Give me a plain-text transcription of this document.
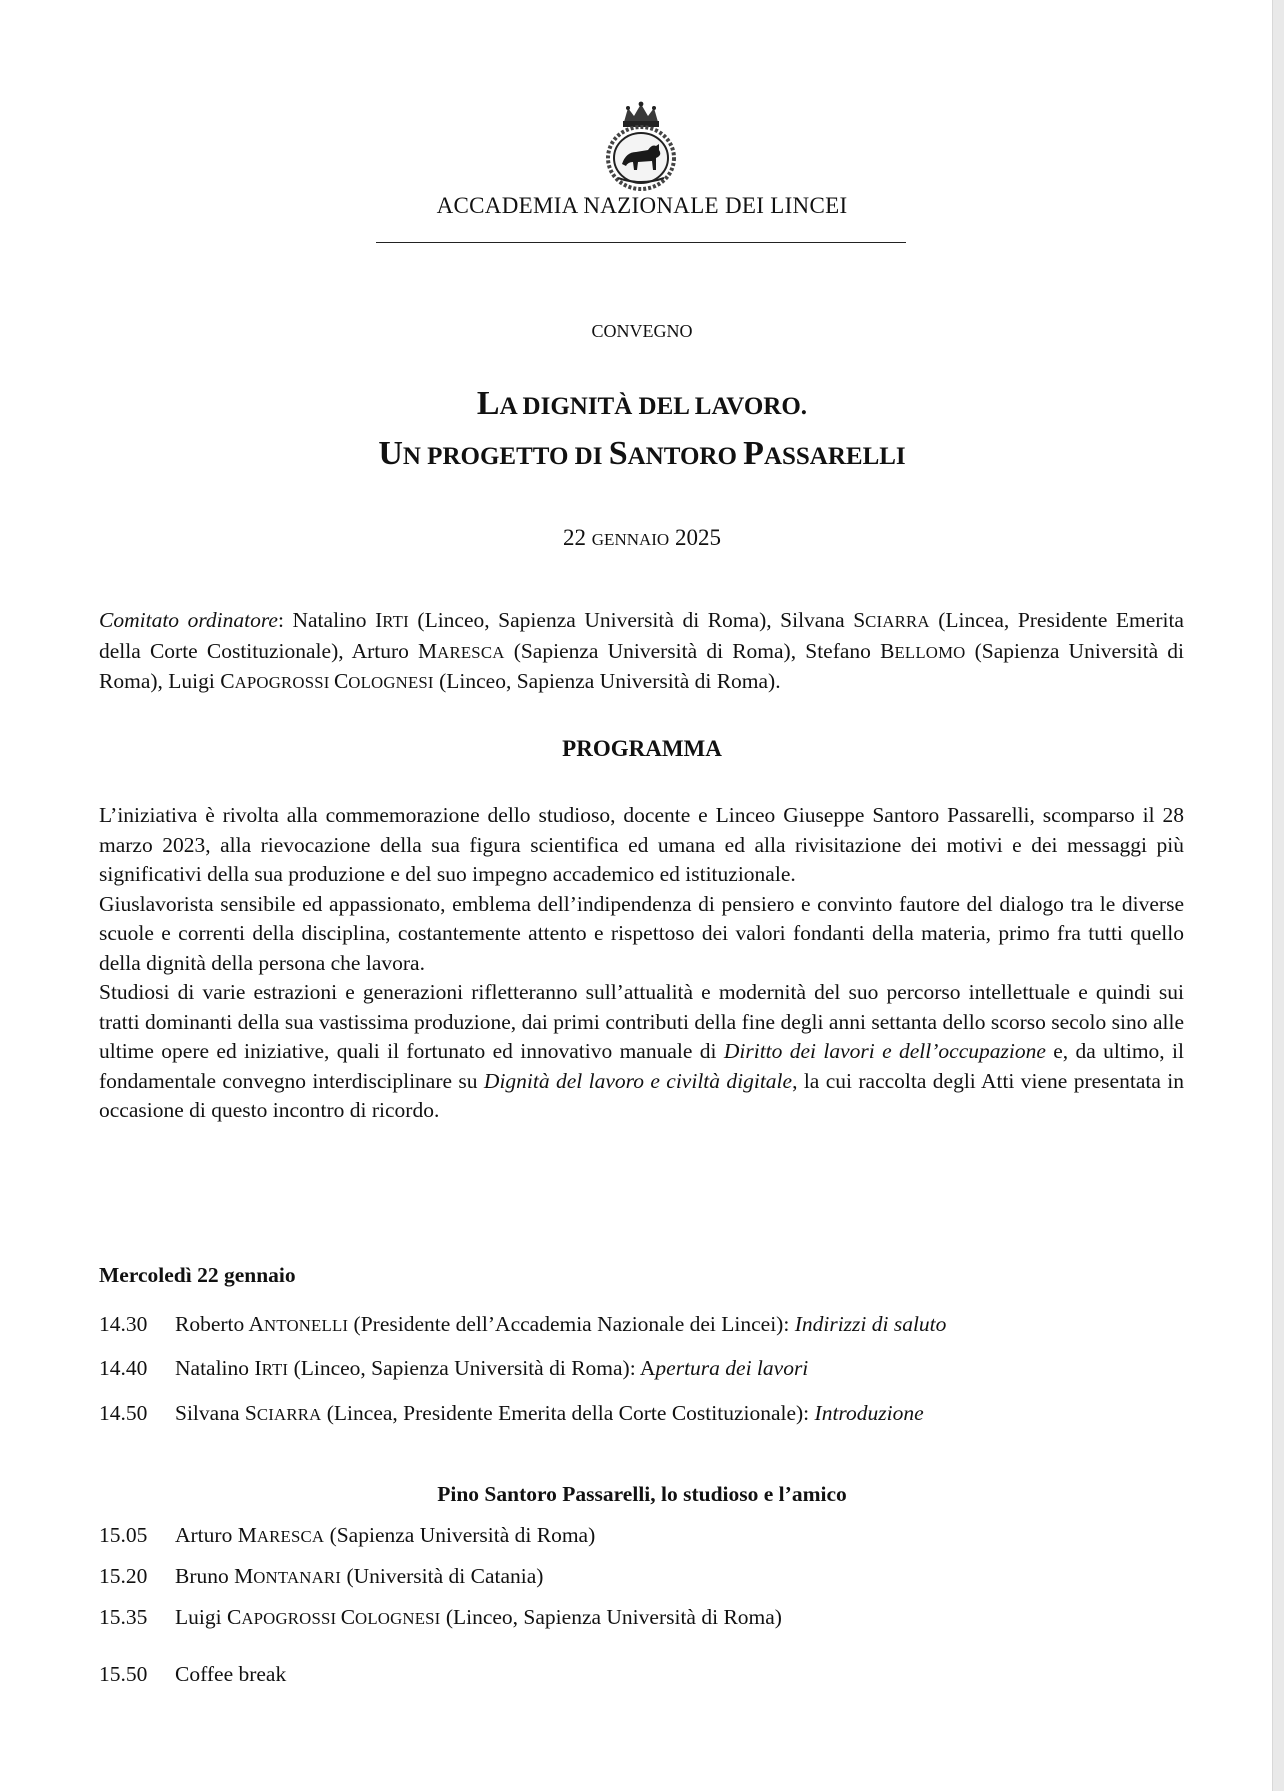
ACCADEMIA NAZIONALE DEI LINCEI
CONVEGNO
LA DIGNITÀ DEL LAVORO.
UN PROGETTO DI SANTORO PASSARELLI
22 GENNAIO 2025
Comitato ordinatore: Natalino IRTI (Linceo, Sapienza Università di Roma), Silvana SCIARRA (Lincea, Presidente Emerita della Corte Costituzionale), Arturo MARESCA (Sapienza Università di Roma), Stefano BELLOMO (Sapienza Università di Roma), Luigi CAPOGROSSI COLOGNESI (Linceo, Sapienza Università di Roma).
PROGRAMMA

L’iniziativa è rivolta alla commemorazione dello studioso, docente e Linceo Giuseppe Santoro Passarelli, scomparso il 28 marzo 2023, alla rievocazione della sua figura scientifica ed umana ed alla rivisitazione dei motivi e dei messaggi più significativi della sua produzione e del suo impegno accademico ed istituzionale.

Giuslavorista sensibile ed appassionato, emblema dell’indipendenza di pensiero e convinto fautore del dialogo tra le diverse scuole e correnti della disciplina, costantemente attento e rispettoso dei valori fondanti della materia, primo fra tutti quello della dignità della persona che lavora.

Studiosi di varie estrazioni e generazioni rifletteranno sull’attualità e modernità del suo percorso intellettuale e quindi sui tratti dominanti della sua vastissima produzione, dai primi contributi della fine degli anni settanta dello scorso secolo sino alle ultime opere ed iniziative, quali il fortunato ed innovativo manuale di Diritto dei lavori e dell’occupazione e, da ultimo, il fondamentale convegno interdisciplinare su Dignità del lavoro e civiltà digitale, la cui raccolta degli Atti viene presentata in occasione di questo incontro di ricordo.

Mercoledì 22 gennaio
14.30 Roberto ANTONELLI (Presidente dell’Accademia Nazionale dei Lincei): Indirizzi di saluto
14.40 Natalino IRTI (Linceo, Sapienza Università di Roma): Apertura dei lavori
14.50 Silvana SCIARRA (Lincea, Presidente Emerita della Corte Costituzionale): Introduzione
Pino Santoro Passarelli, lo studioso e l’amico
15.05 Arturo MARESCA (Sapienza Università di Roma)
15.20 Bruno MONTANARI (Università di Catania)
15.35 Luigi CAPOGROSSI COLOGNESI (Linceo, Sapienza Università di Roma)
15.50 Coffee break
